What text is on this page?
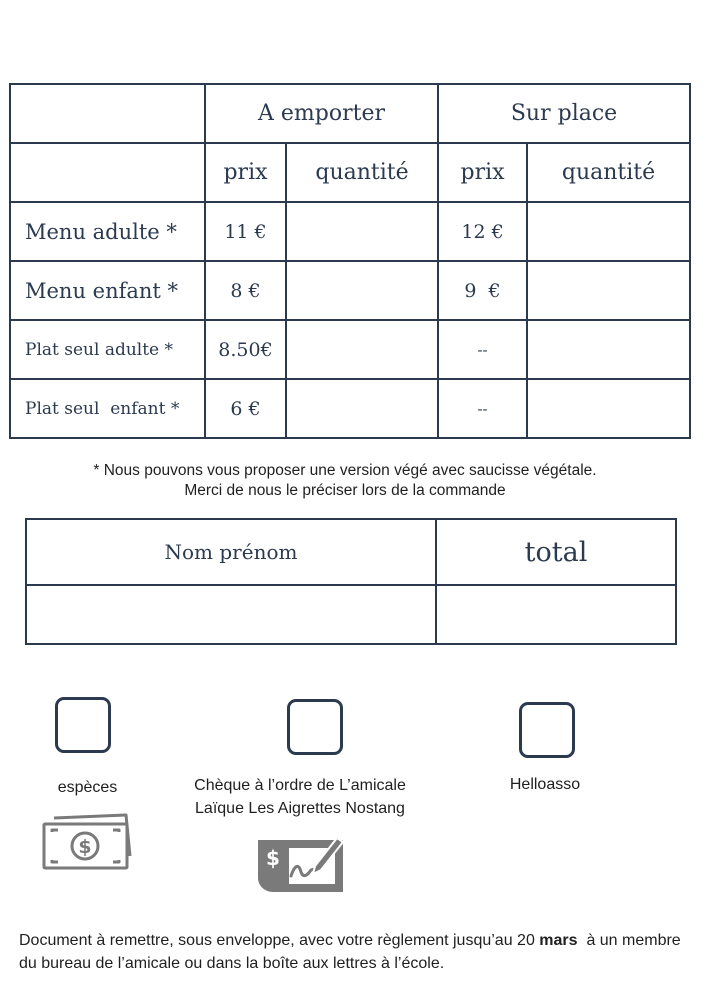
	A emporter		Sur place	
	prix	quantité	prix	quantité
Menu adulte *	11 €		12 €	
Menu enfant *	8 €		9  €	
Plat seul adulte *	8.50€		--	
Plat seul  enfant *	6 €		--	
* Nous pouvons vous proposer une version végé avec saucisse végétale.
Merci de nous le préciser lors de la commande
Nom prénom	total

espèces	Chèque à l’ordre de L’amicale
Laïque Les Aigrettes Nostang
Helloasso
$	$
Document à remettre, sous enveloppe, avec votre règlement jusqu’au 20 mars  à un membre du bureau de l’amicale ou dans la boîte aux lettres à l’école.
